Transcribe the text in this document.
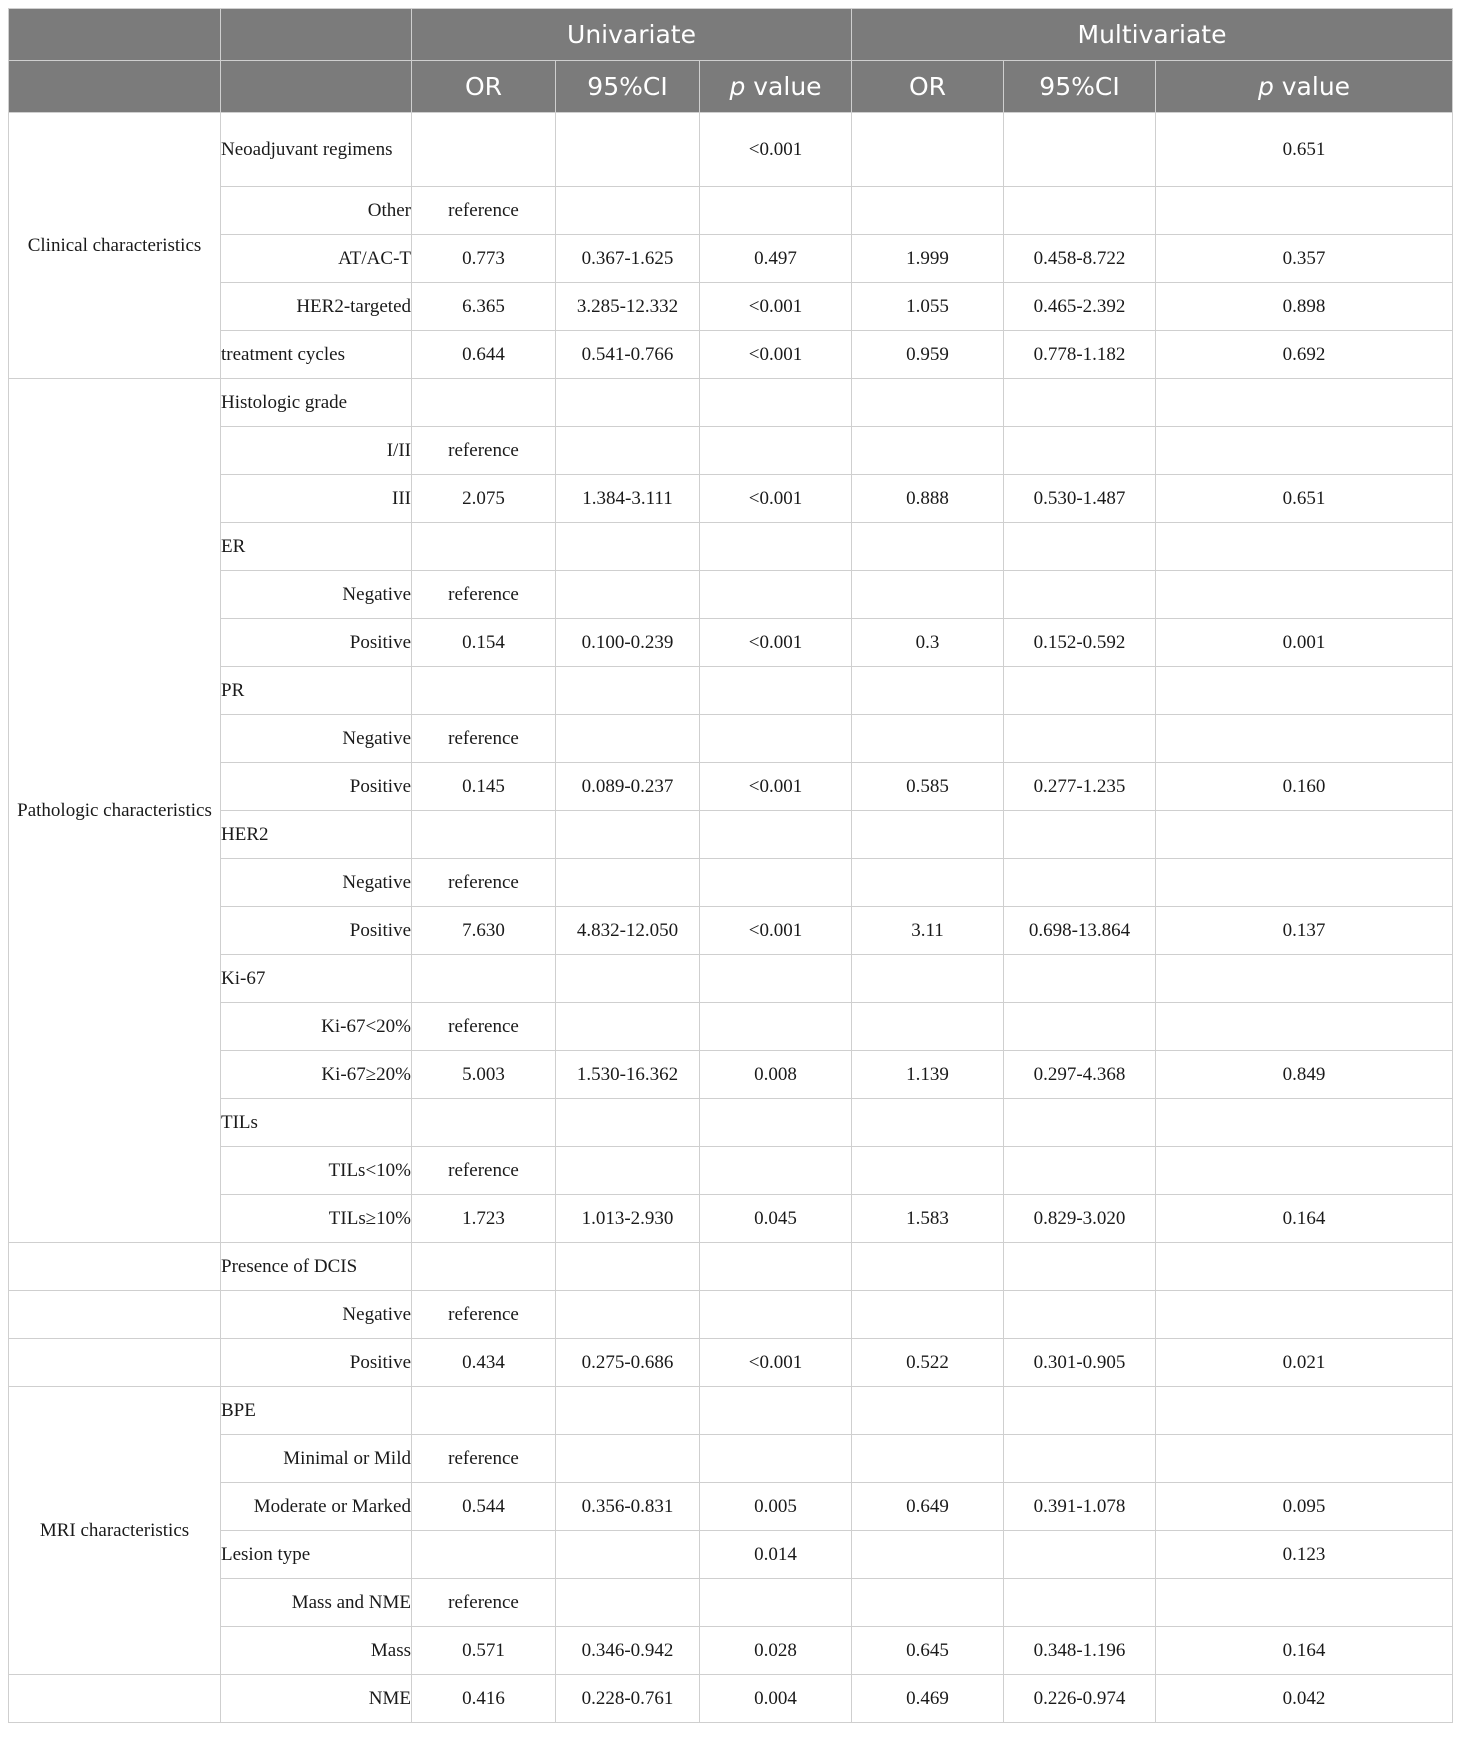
		Univariate			Multivariate		
		OR	95%CI	p value	OR	95%CI	p value
Clinical characteristics	Neoadjuvant regimens			<0.001			0.651
	Other	reference					
	AT/AC-T	0.773	0.367-1.625	0.497	1.999	0.458-8.722	0.357
	HER2-targeted	6.365	3.285-12.332	<0.001	1.055	0.465-2.392	0.898
	treatment cycles	0.644	0.541-0.766	<0.001	0.959	0.778-1.182	0.692
Pathologic characteristics	Histologic grade						
	I/II	reference					
	III	2.075	1.384-3.111	<0.001	0.888	0.530-1.487	0.651
	ER						
	Negative	reference					
	Positive	0.154	0.100-0.239	<0.001	0.3	0.152-0.592	0.001
	PR						
	Negative	reference					
	Positive	0.145	0.089-0.237	<0.001	0.585	0.277-1.235	0.160
	HER2						
	Negative	reference					
	Positive	7.630	4.832-12.050	<0.001	3.11	0.698-13.864	0.137
	Ki-67						
	Ki-67<20%	reference					
	Ki-67≥20%	5.003	1.530-16.362	0.008	1.139	0.297-4.368	0.849
	TILs						
	TILs<10%	reference					
	TILs≥10%	1.723	1.013-2.930	0.045	1.583	0.829-3.020	0.164
	Presence of DCIS						
	Negative	reference					
	Positive	0.434	0.275-0.686	<0.001	0.522	0.301-0.905	0.021
MRI characteristics	BPE						
	Minimal or Mild	reference					
	Moderate or Marked	0.544	0.356-0.831	0.005	0.649	0.391-1.078	0.095
	Lesion type			0.014			0.123
	Mass and NME	reference					
	Mass	0.571	0.346-0.942	0.028	0.645	0.348-1.196	0.164
	NME	0.416	0.228-0.761	0.004	0.469	0.226-0.974	0.042
